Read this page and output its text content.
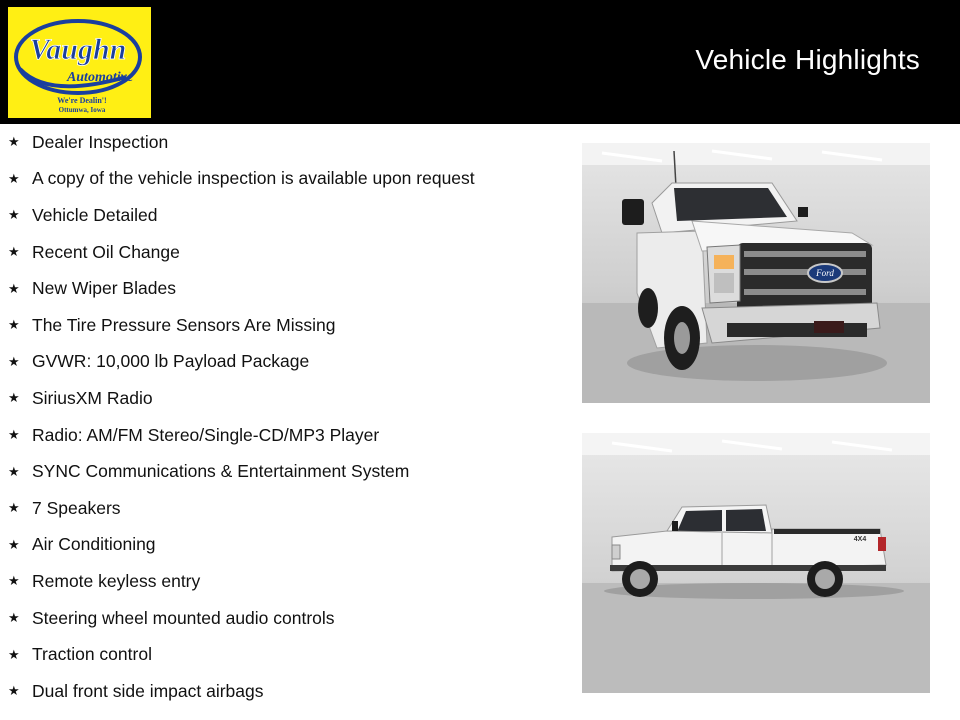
Vaughn
Automotive
We're Dealin'!
Ottumwa, Iowa
Vehicle Highlights
★ Dealer Inspection
★ A copy of the vehicle inspection is available upon request
★ Vehicle Detailed
★ Recent Oil Change
★ New Wiper Blades
★ The Tire Pressure Sensors Are Missing
★ GVWR: 10,000 lb Payload Package
★ SiriusXM Radio
★ Radio: AM/FM Stereo/Single-CD/MP3 Player
★ SYNC Communications & Entertainment System
★ 7 Speakers
★ Air Conditioning
★ Remote keyless entry
★ Steering wheel mounted audio controls
★ Traction control
★ Dual front side impact airbags
Ford
4X4
